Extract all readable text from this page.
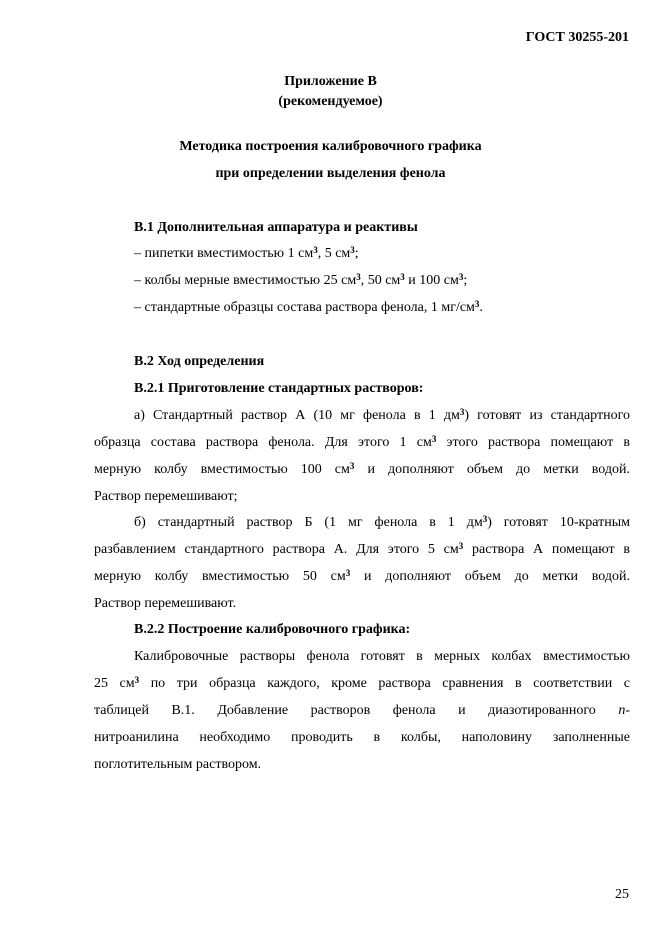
ГОСТ 30255-201
Приложение В
(рекомендуемое)
Методика построения калибровочного графика
при определении выделения фенола
В.1 Дополнительная аппаратура и реактивы
– пипетки вместимостью 1 $см^3$, 5 $см^3$;
– колбы мерные вместимостью 25 $см^3$, 50 $см^3$ и 100 $см^3$;
– стандартные образцы состава раствора фенола, 1 $мг/см^3$.
В.2 Ход определения
В.2.1 Приготовление стандартных растворов:
а) Стандартный раствор А (10 мг фенола в 1 $дм^3$) готовят из стандартного
образца состава раствора фенола. Для этого 1 $см^3$ этого раствора помещают в
мерную колбу вместимостью 100 $см^3$ и дополняют объем до метки водой.
Раствор перемешивают;
б) стандартный раствор Б (1 мг фенола в 1 $дм^3$) готовят 10-кратным
разбавлением стандартного раствора А. Для этого 5 $см^3$ раствора А помещают в
мерную колбу вместимостью 50 $см^3$ и дополняют объем до метки водой.
Раствор перемешивают.
В.2.2 Построение калибровочного графика:
Калибровочные растворы фенола готовят в мерных колбах вместимостью
25 $см^3$ по три образца каждого, кроме раствора сравнения в соответствии с
таблицей В.1. Добавление растворов фенола и диазотированного п-
нитроанилина необходимо проводить в колбы, наполовину заполненные
поглотительным раствором.
25
